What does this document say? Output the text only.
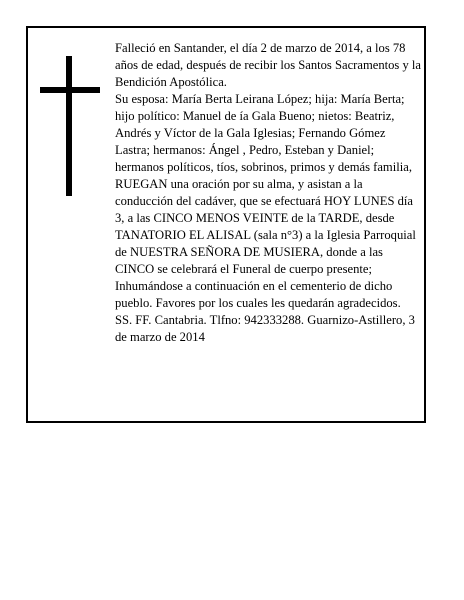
Falleció en Santander, el día 2 de marzo de 2014, a los 78 años de edad, después de recibir los Santos Sacramentos y la Bendición Apostólica.

Su esposa: María Berta Leirana López; hija: María Berta; hijo político: Manuel de ía Gala Bueno; nietos: Beatriz, Andrés y Víctor de la Gala Iglesias; Fernando Gómez Lastra; hermanos: Ángel , Pedro, Esteban y Daniel; hermanos políticos, tíos, sobrinos, primos y demás familia,

RUEGAN una oración por su alma, y asistan a la conducción del cadáver, que se efectuará HOY LUNES día 3, a las CINCO MENOS VEINTE de la TARDE, desde TANATORIO EL ALISAL (sala n°3) a la Iglesia Parroquial de NUESTRA SEÑORA DE MUSIERA, donde a las CINCO se celebrará el Funeral de cuerpo presente; Inhumándose a continuación en el cementerio de dicho pueblo. Favores por los cuales les quedarán agradecidos.

SS. FF. Cantabria. Tlfno: 942333288. Guarnizo-Astillero, 3 de marzo de 2014
